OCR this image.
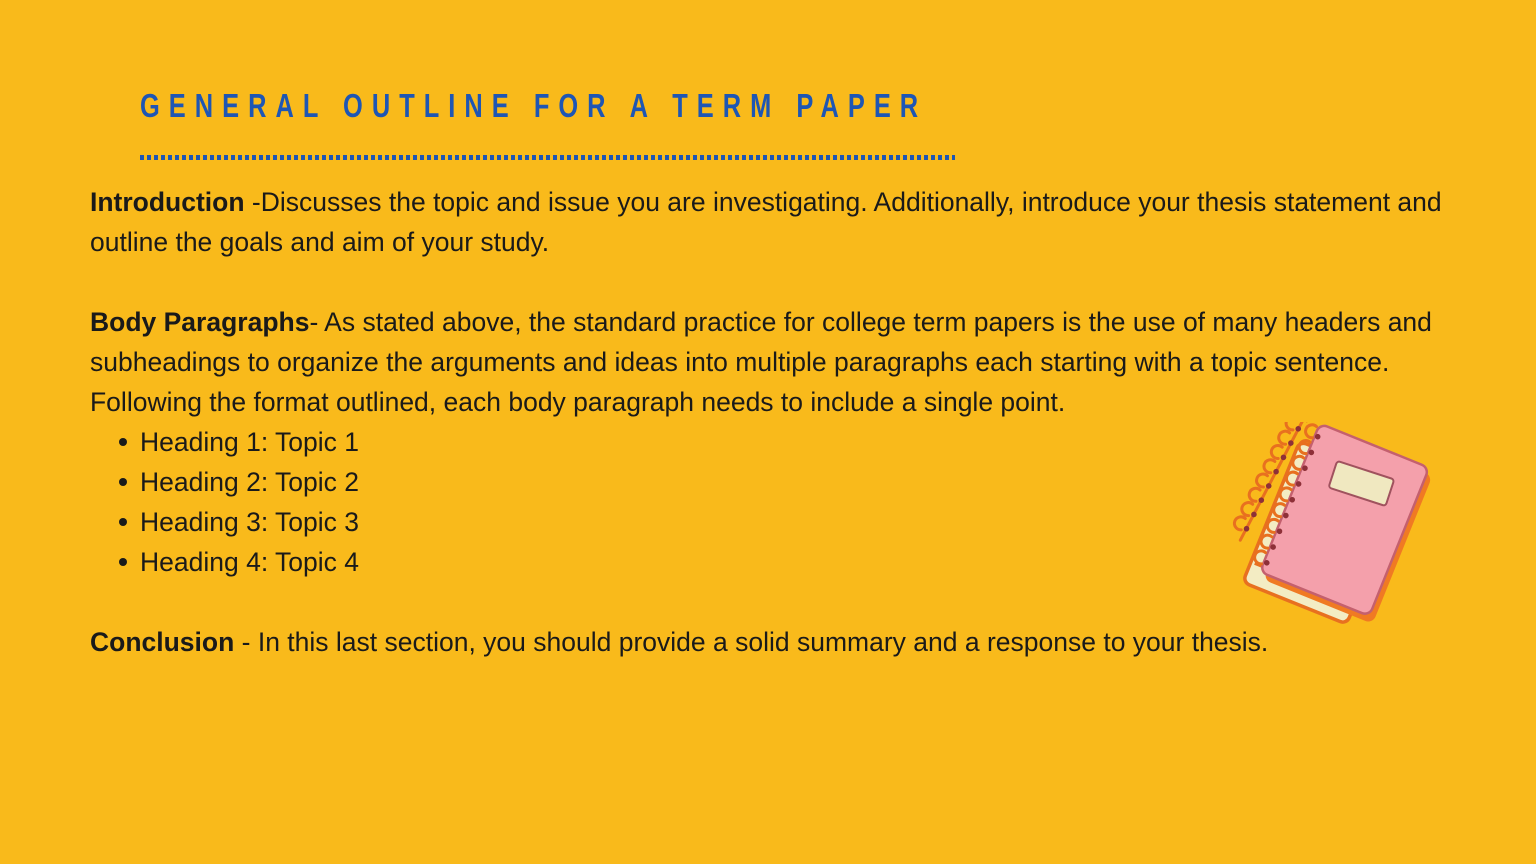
GENERAL OUTLINE FOR A TERM PAPER

Introduction -Discusses the topic and issue you are investigating. Additionally, introduce your thesis statement and outline the goals and aim of your study.

Body Paragraphs- As stated above, the standard practice for college term papers is the use of many headers and subheadings to organize the arguments and ideas into multiple paragraphs each starting with a topic sentence. Following the format outlined, each body paragraph needs to include a single point.

Heading 1: Topic 1
Heading 2: Topic 2
Heading 3: Topic 3
Heading 4: Topic 4

Conclusion - In this last section, you should provide a solid summary and a response to your thesis.
